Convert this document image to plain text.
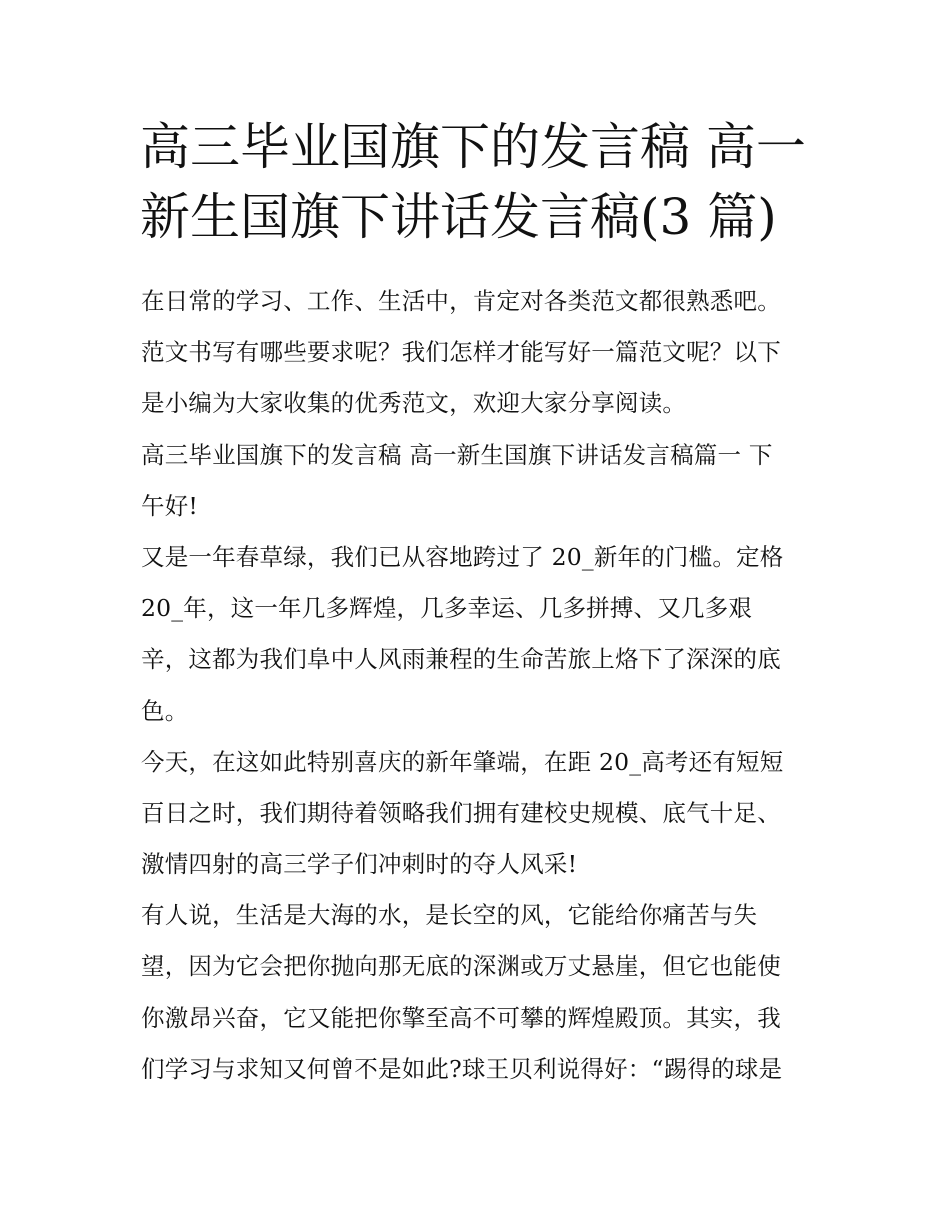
高三毕业国旗下的发言稿 高一
新生国旗下讲话发言稿(3 篇)
在日常的学习、工作、生活中，肯定对各类范文都很熟悉吧。
范文书写有哪些要求呢？我们怎样才能写好一篇范文呢？以下
是小编为大家收集的优秀范文，欢迎大家分享阅读。
高三毕业国旗下的发言稿 高一新生国旗下讲话发言稿篇一 下
午好!
又是一年春草绿，我们已从容地跨过了 20_新年的门槛。定格
20_年，这一年几多辉煌，几多幸运、几多拼搏、又几多艰
辛，这都为我们阜中人风雨兼程的生命苦旅上烙下了深深的底
色。
今天，在这如此特别喜庆的新年肇端，在距 20_高考还有短短
百日之时，我们期待着领略我们拥有建校史规模、底气十足、
激情四射的高三学子们冲刺时的夺人风采!
有人说，生活是大海的水，是长空的风，它能给你痛苦与失
望，因为它会把你抛向那无底的深渊或万丈悬崖，但它也能使
你激昂兴奋，它又能把你擎至高不可攀的辉煌殿顶。其实，我
们学习与求知又何曾不是如此?球王贝利说得好：“踢得的球是
